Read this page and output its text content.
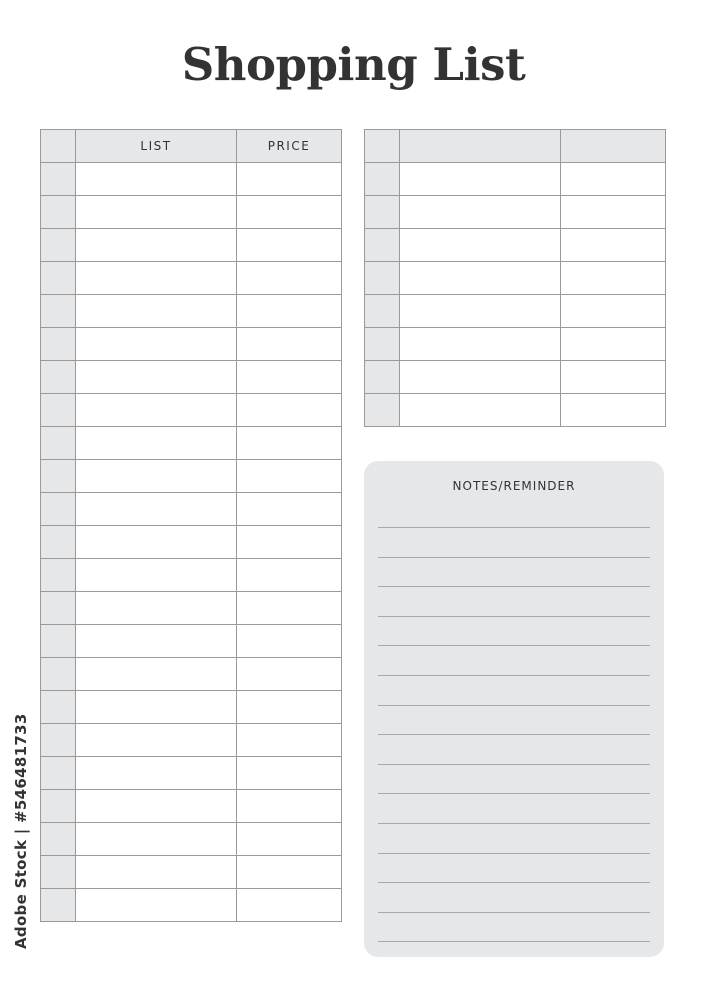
Shopping List
	LIST	PRICE

NOTES/REMINDER
Adobe Stock | #546481733
